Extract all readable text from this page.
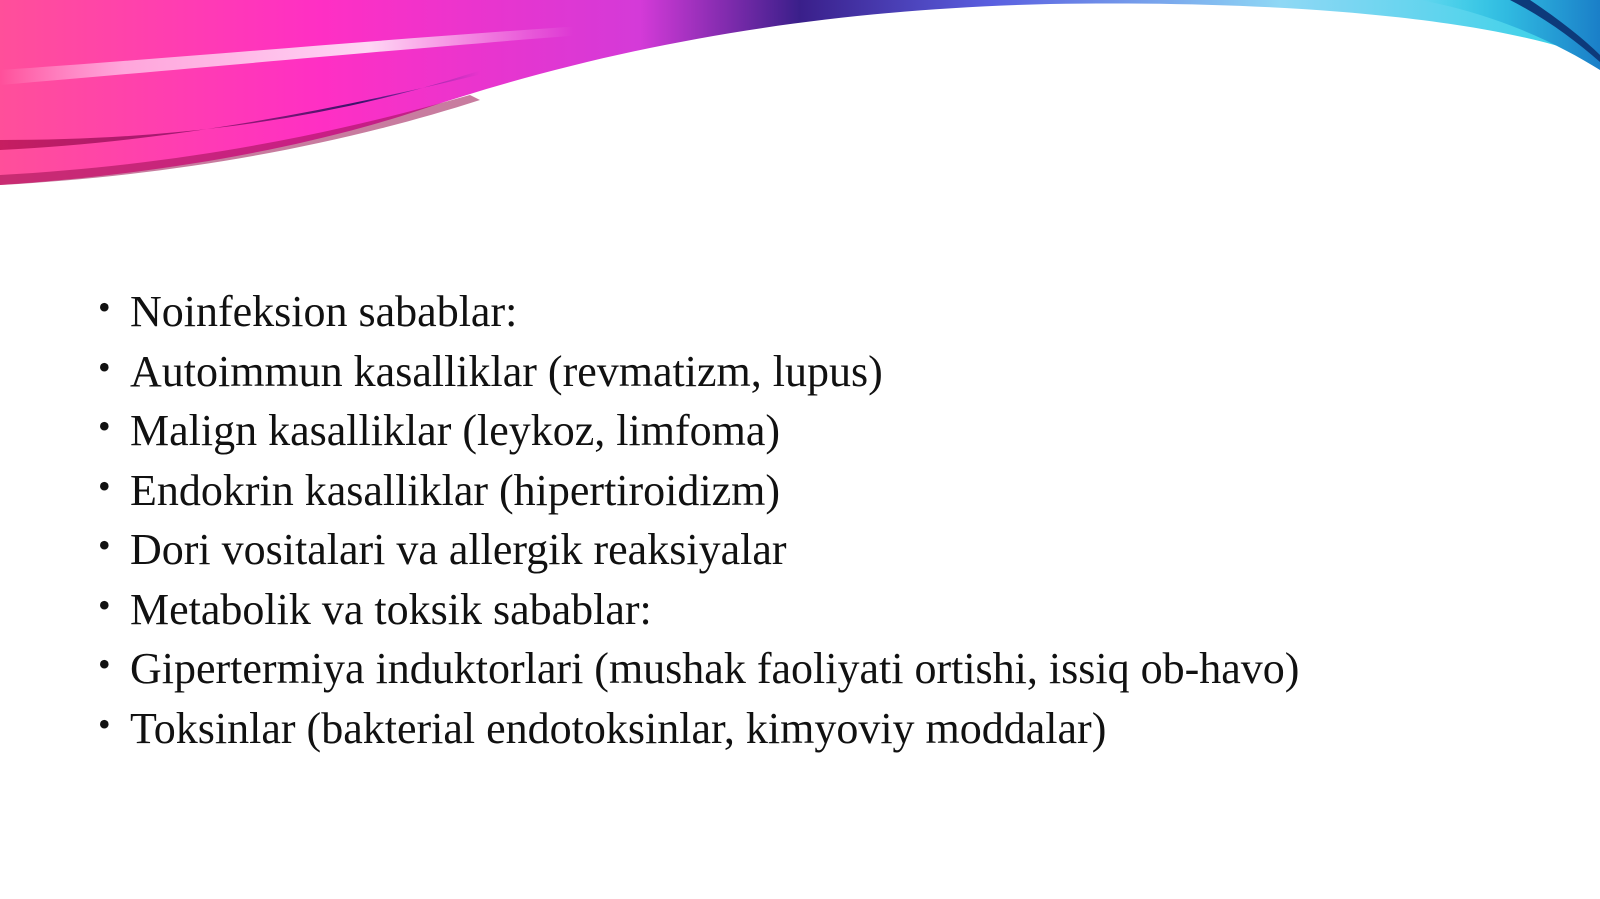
• Noinfeksion sabablar:
• Autoimmun kasalliklar (revmatizm, lupus)
• Malign kasalliklar (leykoz, limfoma)
• Endokrin kasalliklar (hipertiroidizm)
• Dori vositalari va allergik reaksiyalar
• Metabolik va toksik sabablar:
• Gipertermiya induktorlari (mushak faoliyati ortishi, issiq ob-havo)
• Toksinlar (bakterial endotoksinlar, kimyoviy moddalar)
